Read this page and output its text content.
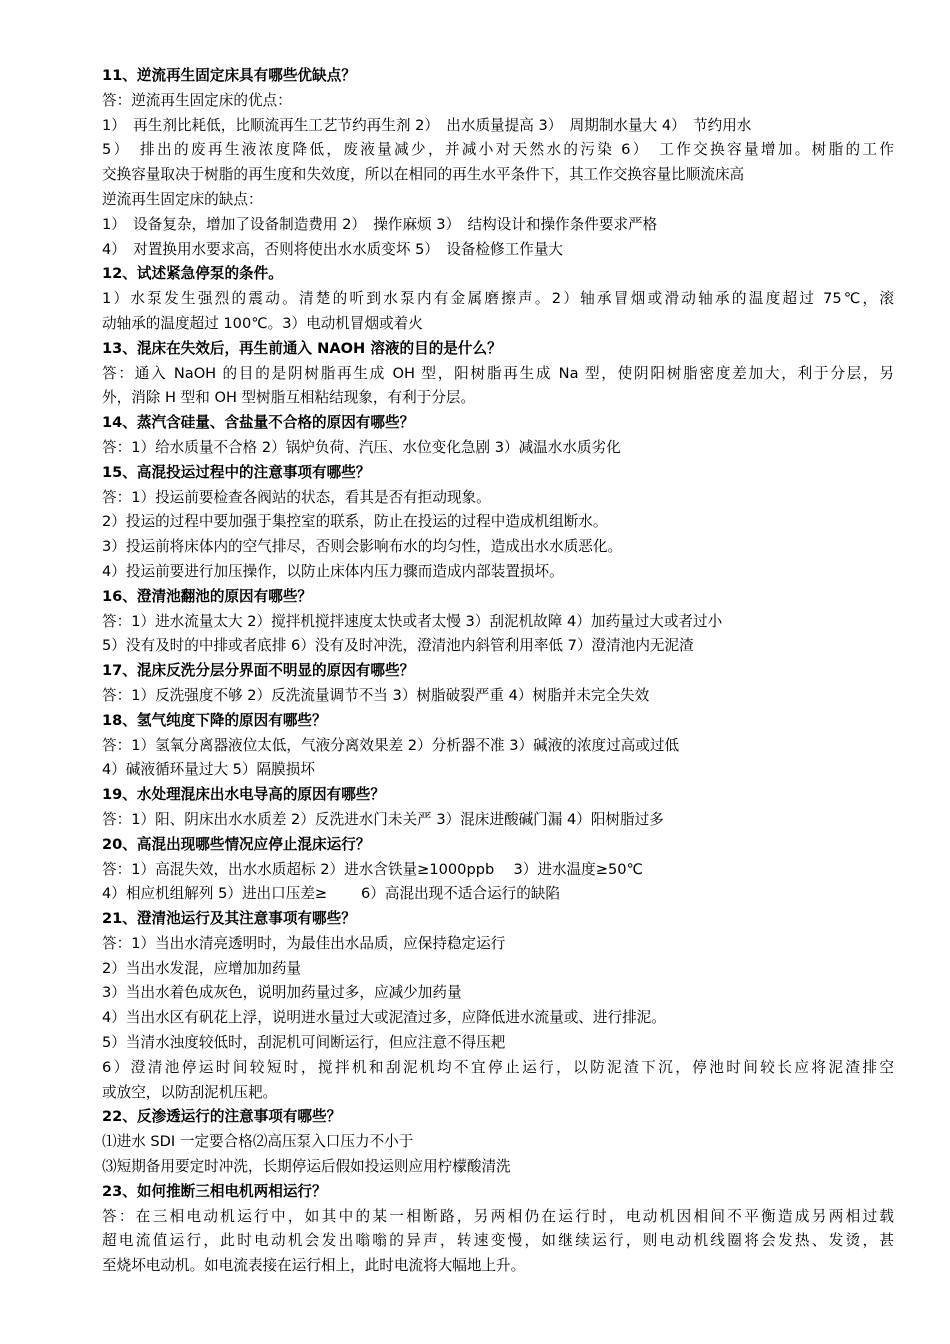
11、逆流再生固定床具有哪些优缺点？
答：逆流再生固定床的优点：
1）　再生剂比耗低，比顺流再生工艺节约再生剂 2）　出水质量提高 3）　周期制水量大 4）　节约用水
5）　排出的废再生液浓度降低，废液量减少，并减小对天然水的污染 6）　工作交换容量增加。树脂的工作
交换容量取决于树脂的再生度和失效度，所以在相同的再生水平条件下，其工作交换容量比顺流床高
逆流再生固定床的缺点：
1）　设备复杂，增加了设备制造费用 2）　操作麻烦 3）　结构设计和操作条件要求严格
4）　对置换用水要求高，否则将使出水水质变坏 5）　设备检修工作量大
12、试述紧急停泵的条件。
1）水泵发生强烈的震动。清楚的听到水泵内有金属磨擦声。2）轴承冒烟或滑动轴承的温度超过 75℃，滚
动轴承的温度超过 100℃。3）电动机冒烟或着火
13、混床在失效后，再生前通入 NAOH 溶液的目的是什么？
答：通入 NaOH 的目的是阴树脂再生成 OH 型，阳树脂再生成 Na 型，使阴阳树脂密度差加大，利于分层，另
外，消除 H 型和 OH 型树脂互相粘结现象，有利于分层。
14、蒸汽含硅量、含盐量不合格的原因有哪些？
答：1）给水质量不合格 2）锅炉负荷、汽压、水位变化急剧 3）减温水水质劣化
15、高混投运过程中的注意事项有哪些？
答：1）投运前要检查各阀站的状态，看其是否有拒动现象。
2）投运的过程中要加强于集控室的联系，防止在投运的过程中造成机组断水。
3）投运前将床体内的空气排尽，否则会影响布水的均匀性，造成出水水质恶化。
4）投运前要进行加压操作，以防止床体内压力骤而造成内部装置损坏。
16、澄清池翻池的原因有哪些？
答：1）进水流量太大 2）搅拌机搅拌速度太快或者太慢 3）刮泥机故障 4）加药量过大或者过小
5）没有及时的中排或者底排 6）没有及时冲洗，澄清池内斜管利用率低 7）澄清池内无泥渣
17、混床反洗分层分界面不明显的原因有哪些？
答：1）反洗强度不够 2）反洗流量调节不当 3）树脂破裂严重 4）树脂并未完全失效
18、氢气纯度下降的原因有哪些？
答：1）氢氧分离器液位太低，气液分离效果差 2）分析器不准 3）碱液的浓度过高或过低
4）碱液循环量过大 5）隔膜损坏
19、水处理混床出水电导高的原因有哪些？
答：1）阳、阴床出水水质差 2）反洗进水门未关严 3）混床进酸碱门漏 4）阳树脂过多
20、高混出现哪些情况应停止混床运行？
答：1）高混失效，出水水质超标 2）进水含铁量≥1000ppb　 3）进水温度≥50℃
4）相应机组解列 5）进出口压差≥　　 6）高混出现不适合运行的缺陷
21、澄清池运行及其注意事项有哪些？
答：1）当出水清亮透明时，为最佳出水品质，应保持稳定运行
2）当出水发混，应增加加药量
3）当出水着色成灰色，说明加药量过多，应减少加药量
4）当出水区有矾花上浮，说明进水量过大或泥渣过多，应降低进水流量或、进行排泥。
5）当清水浊度较低时，刮泥机可间断运行，但应注意不得压耙
6）澄清池停运时间较短时，搅拌机和刮泥机均不宜停止运行，以防泥渣下沉，停池时间较长应将泥渣排空
或放空，以防刮泥机压耙。
22、反渗透运行的注意事项有哪些？
⑴进水 SDI 一定要合格⑵高压泵入口压力不小于
⑶短期备用要定时冲洗，长期停运后假如投运则应用柠檬酸清洗
23、如何推断三相电机两相运行？
答：在三相电动机运行中，如其中的某一相断路，另两相仍在运行时，电动机因相间不平衡造成另两相过载
超电流值运行，此时电动机会发出嗡嗡的异声，转速变慢，如继续运行，则电动机线圈将会发热、发烫，甚
至烧坏电动机。如电流表接在运行相上，此时电流将大幅地上升。
